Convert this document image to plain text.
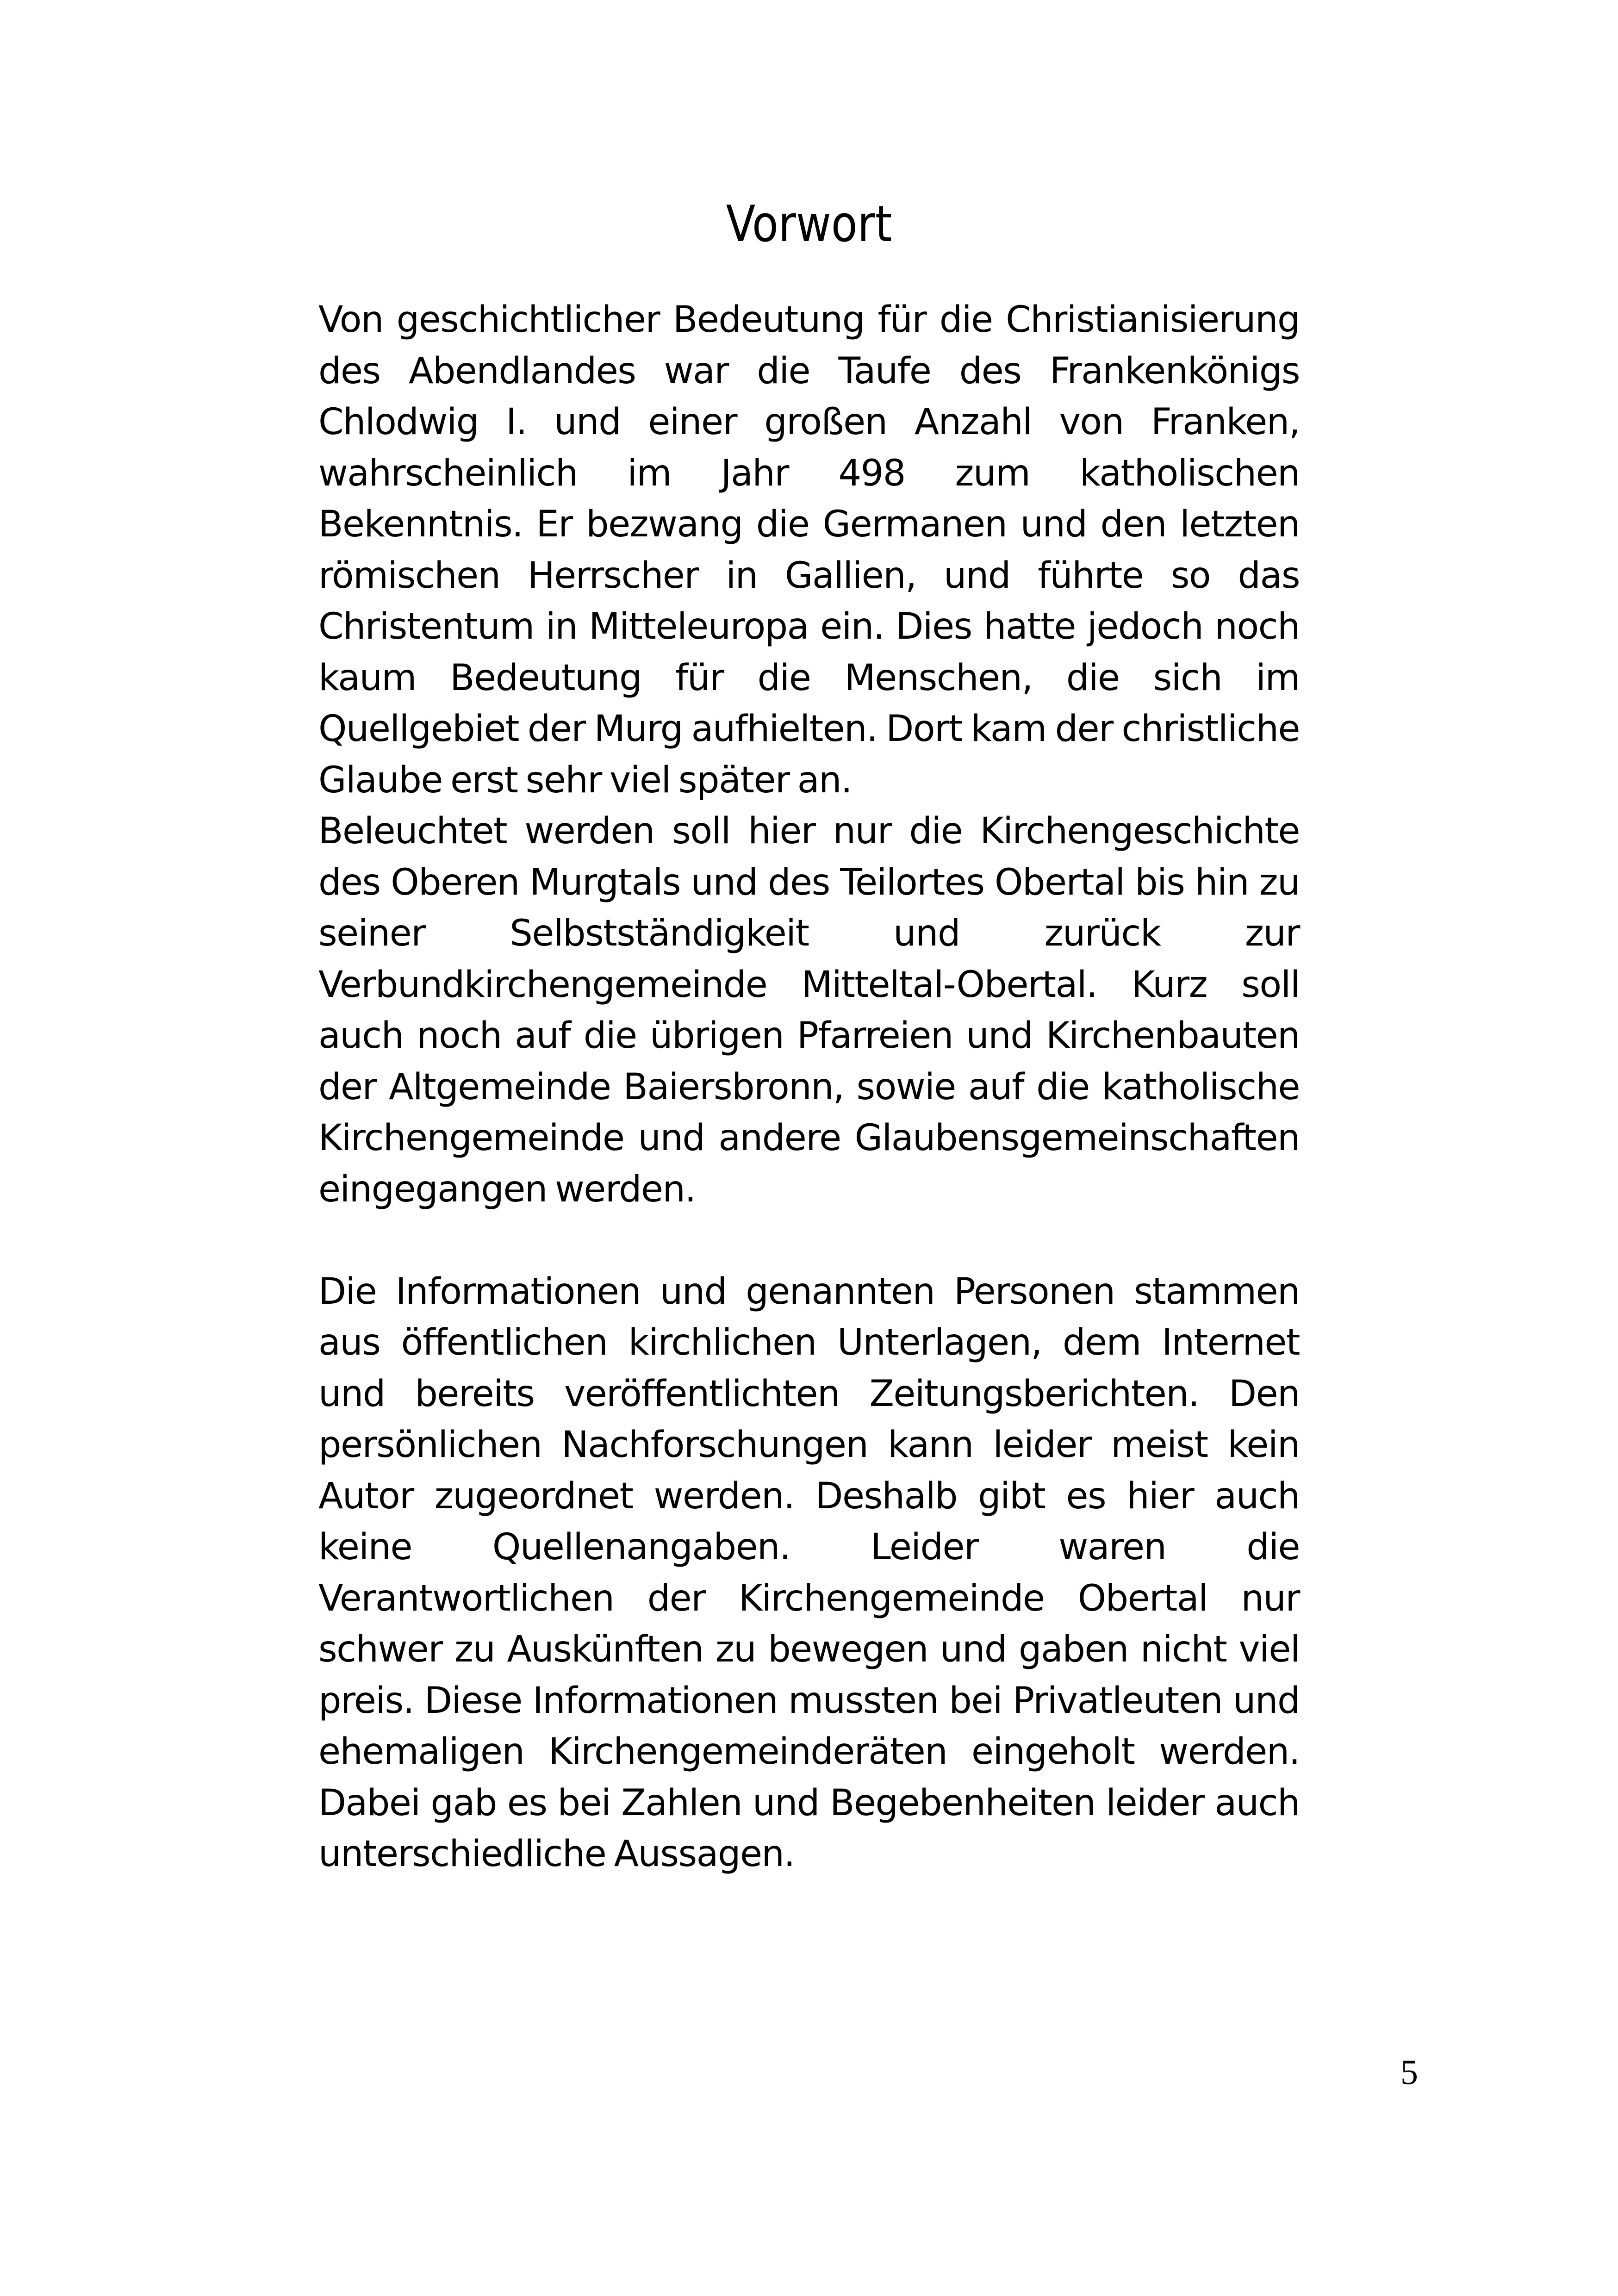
Vorwort

Von geschichtlicher Bedeutung für die Christianisierung des Abendlandes war die Taufe des Frankenkönigs Chlodwig I. und einer großen Anzahl von Franken, wahrscheinlich im Jahr 498 zum katholischen Bekenntnis. Er bezwang die Germanen und den letzten römischen Herrscher in Gallien, und führte so das Christentum in Mitteleuropa ein. Dies hatte jedoch noch kaum Bedeutung für die Menschen, die sich im Quellgebiet der Murg aufhielten. Dort kam der christliche Glaube erst sehr viel später an.

Beleuchtet werden soll hier nur die Kirchengeschichte des Oberen Murgtals und des Teilortes Obertal bis hin zu seiner Selbstständigkeit und zurück zur Verbundkirchengemeinde Mitteltal-Obertal. Kurz soll auch noch auf die übrigen Pfarreien und Kirchenbauten der Altgemeinde Baiersbronn, sowie auf die katholische Kirchengemeinde und andere Glaubensgemeinschaften eingegangen werden.

Die Informationen und genannten Personen stammen aus öffentlichen kirchlichen Unterlagen, dem Internet und bereits veröffentlichten Zeitungsberichten. Den persönlichen Nachforschungen kann leider meist kein Autor zugeordnet werden. Deshalb gibt es hier auch keine Quellenangaben. Leider waren die Verantwortlichen der Kirchengemeinde Obertal nur schwer zu Auskünften zu bewegen und gaben nicht viel preis. Diese Informationen mussten bei Privatleuten und ehemaligen Kirchengemeinderäten eingeholt werden. Dabei gab es bei Zahlen und Begebenheiten leider auch unterschiedliche Aussagen.

5
